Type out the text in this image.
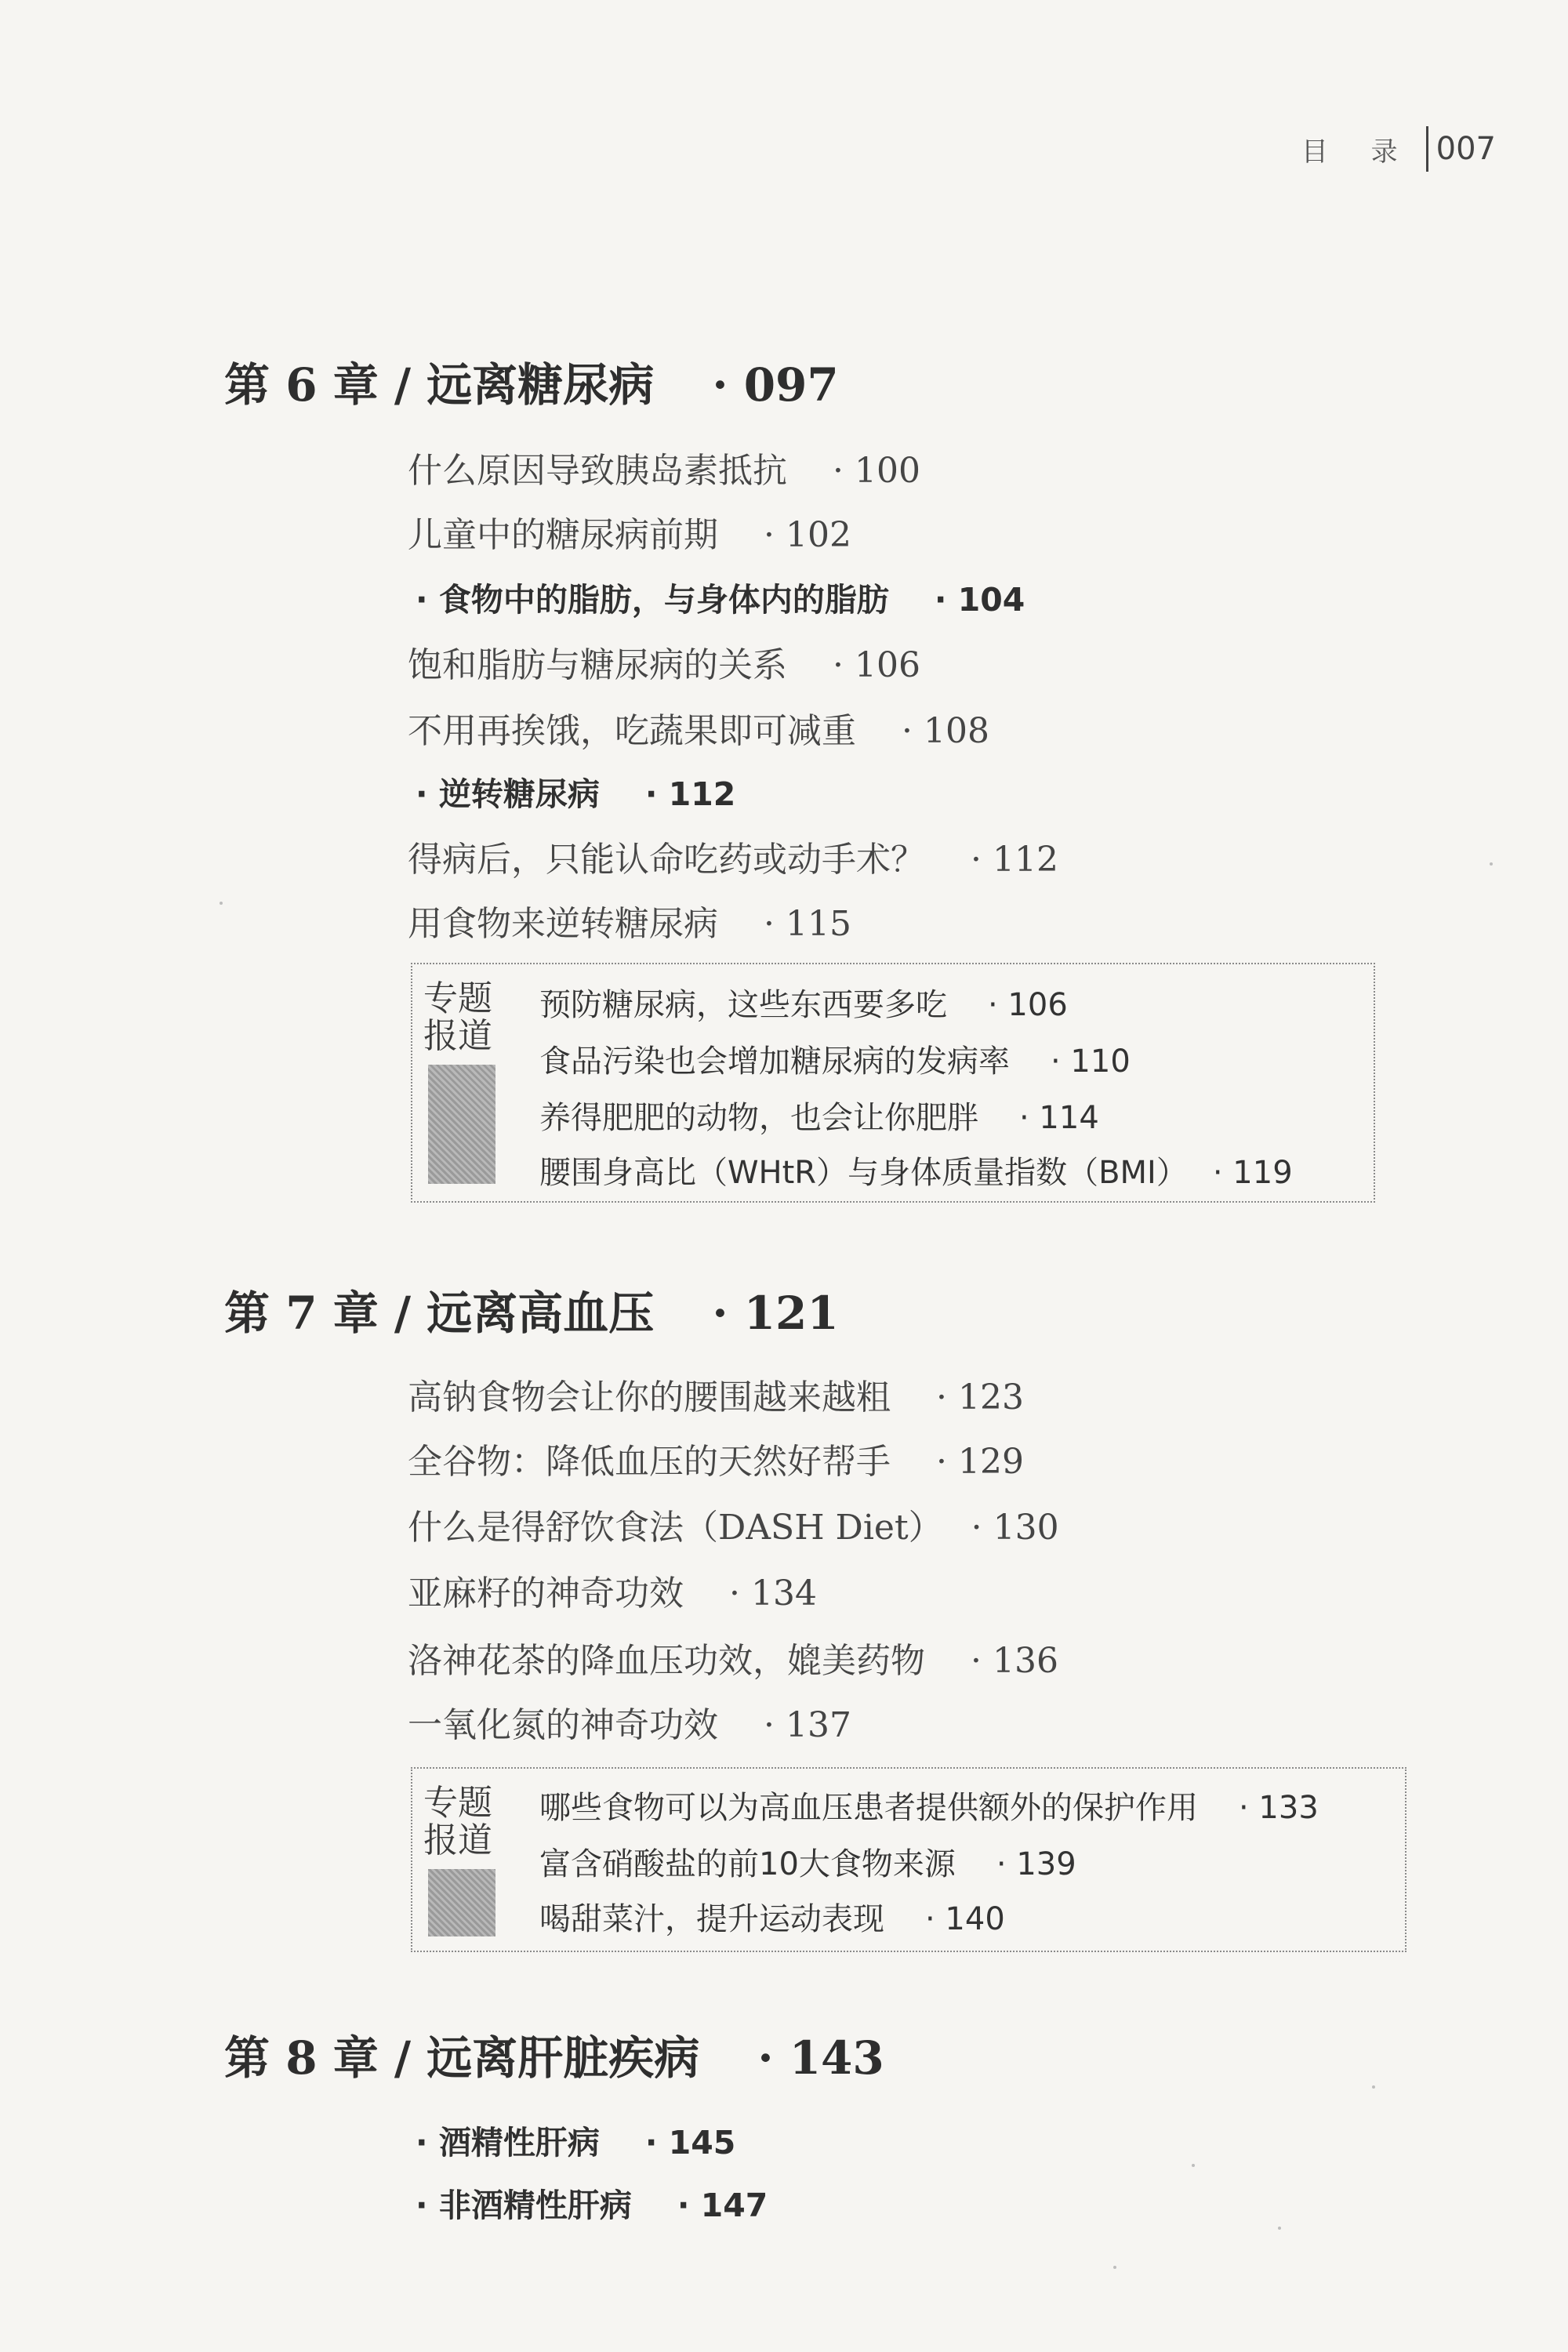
目 录 007
第 6 章 / 远离糖尿病 · 097
什么原因导致胰岛素抵抗 · 100
儿童中的糖尿病前期 · 102
· 食物中的脂肪，与身体内的脂肪 · 104
饱和脂肪与糖尿病的关系 · 106
不用再挨饿，吃蔬果即可减重 · 108
· 逆转糖尿病 · 112
得病后，只能认命吃药或动手术？ · 112
用食物来逆转糖尿病 · 115
专题
报道
预防糖尿病，这些东西要多吃 · 106
食品污染也会增加糖尿病的发病率 · 110
养得肥肥的动物，也会让你肥胖 · 114
腰围身高比（WHtR）与身体质量指数（BMI） · 119
第 7 章 / 远离高血压 · 121
高钠食物会让你的腰围越来越粗 · 123
全谷物：降低血压的天然好帮手 · 129
什么是得舒饮食法（DASH Diet） · 130
亚麻籽的神奇功效 · 134
洛神花茶的降血压功效，媲美药物 · 136
一氧化氮的神奇功效 · 137
专题
报道
哪些食物可以为高血压患者提供额外的保护作用 · 133
富含硝酸盐的前10大食物来源 · 139
喝甜菜汁，提升运动表现 · 140
第 8 章 / 远离肝脏疾病 · 143
· 酒精性肝病 · 145
· 非酒精性肝病 · 147
